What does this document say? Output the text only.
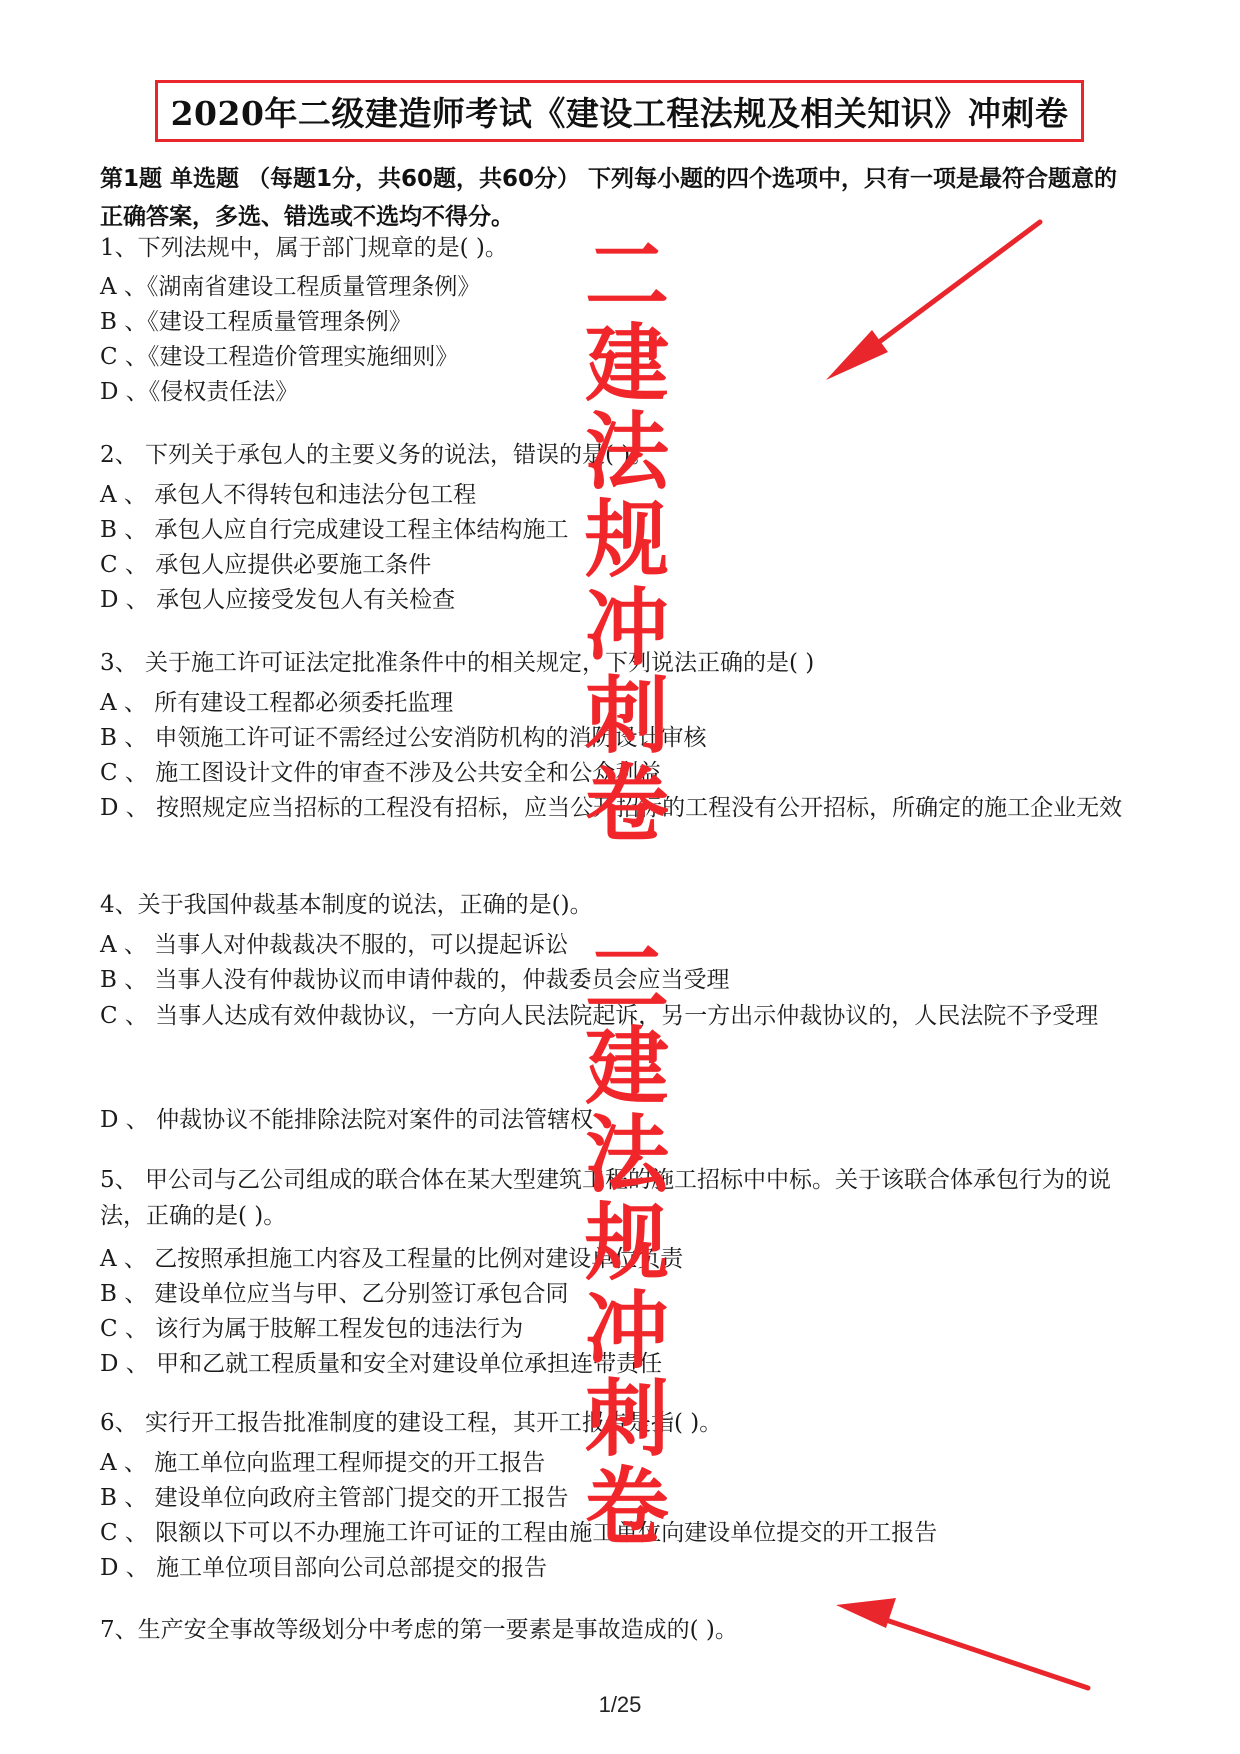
2020年二级建造师考试《建设工程法规及相关知识》冲刺卷
第1题 单选题 （每题1分，共60题，共60分） 下列每小题的四个选项中，只有一项是最符合题意的正确答案，多选、错选或不选均不得分。
1、下列法规中，属于部门规章的是( )。
A 、《湖南省建设工程质量管理条例》
B 、《建设工程质量管理条例》
C 、《建设工程造价管理实施细则》
D 、《侵权责任法》
2、 下列关于承包人的主要义务的说法，错误的是( )。
A 、 承包人不得转包和违法分包工程
B 、 承包人应自行完成建设工程主体结构施工
C 、 承包人应提供必要施工条件
D 、 承包人应接受发包人有关检查
3、 关于施工许可证法定批准条件中的相关规定，下列说法正确的是( )
A 、 所有建设工程都必须委托监理
B 、 申领施工许可证不需经过公安消防机构的消防设计审核
C 、 施工图设计文件的审查不涉及公共安全和公众利益
D 、 按照规定应当招标的工程没有招标，应当公开招标的工程没有公开招标，所确定的施工企业无效
4、关于我国仲裁基本制度的说法，正确的是()。
A 、 当事人对仲裁裁决不服的，可以提起诉讼
B 、 当事人没有仲裁协议而申请仲裁的，仲裁委员会应当受理
C 、 当事人达成有效仲裁协议，一方向人民法院起诉，另一方出示仲裁协议的，人民法院不予受理
D 、 仲裁协议不能排除法院对案件的司法管辖权
5、 甲公司与乙公司组成的联合体在某大型建筑工程的施工招标中中标。关于该联合体承包行为的说法，正确的是( )。
A 、 乙按照承担施工内容及工程量的比例对建设单位负责
B 、 建设单位应当与甲、乙分别签订承包合同
C 、 该行为属于肢解工程发包的违法行为
D 、 甲和乙就工程质量和安全对建设单位承担连带责任
6、 实行开工报告批准制度的建设工程，其开工报告是指( )。
A 、 施工单位向监理工程师提交的开工报告
B 、 建设单位向政府主管部门提交的开工报告
C 、 限额以下可以不办理施工许可证的工程由施工单位向建设单位提交的开工报告
D 、 施工单位项目部向公司总部提交的报告
7、生产安全事故等级划分中考虑的第一要素是事故造成的( )。
二建法规冲刺卷
二建法规冲刺卷
1/25
